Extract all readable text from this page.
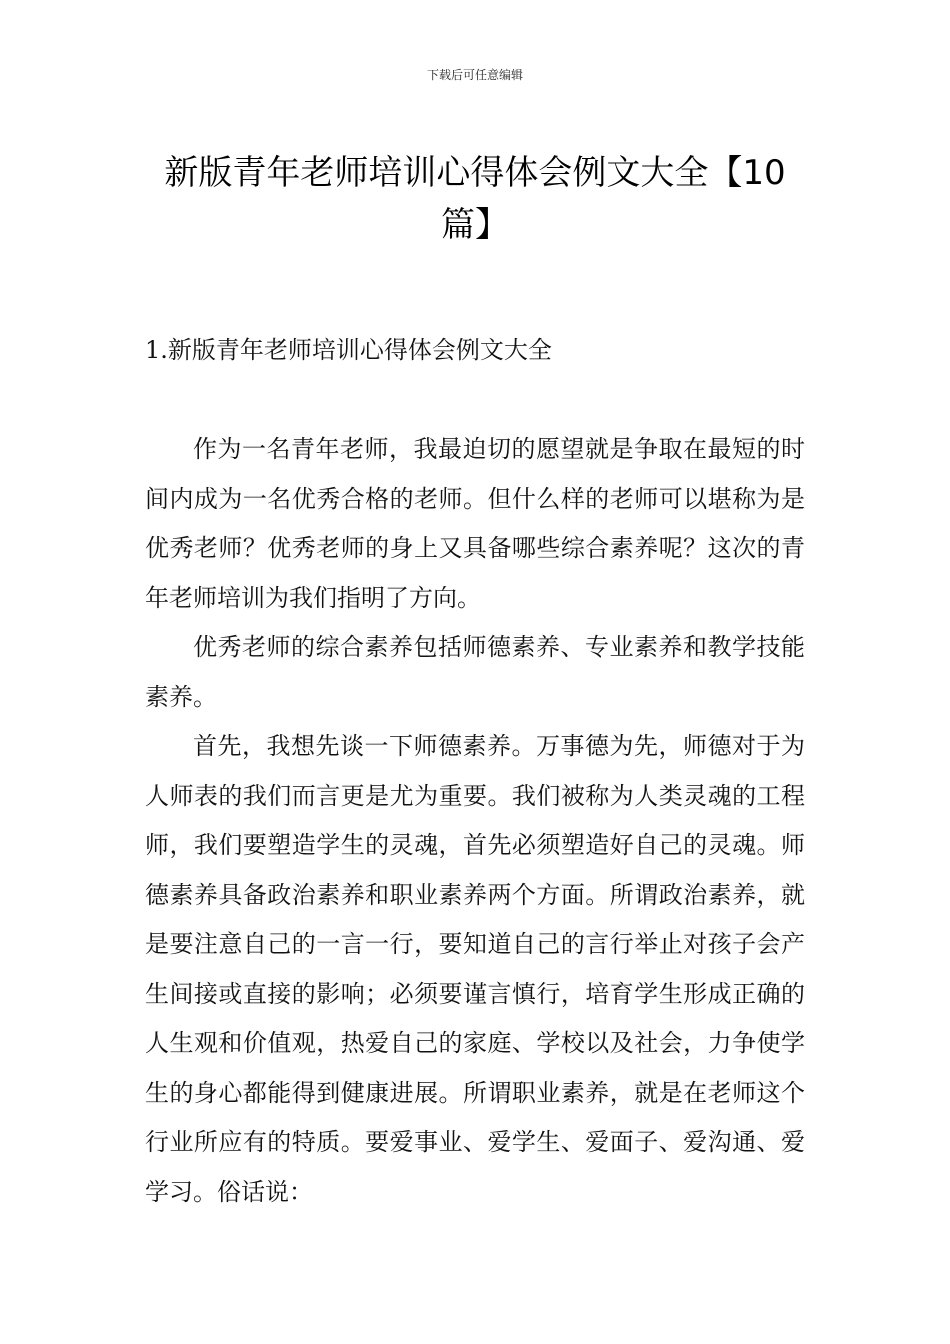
下载后可任意编辑
新版青年老师培训心得体会例文大全【10篇】
1.新版青年老师培训心得体会例文大全

作为一名青年老师，我最迫切的愿望就是争取在最短的时间内成为一名优秀合格的老师。但什么样的老师可以堪称为是优秀老师？优秀老师的身上又具备哪些综合素养呢？这次的青年老师培训为我们指明了方向。

优秀老师的综合素养包括师德素养、专业素养和教学技能素养。

首先，我想先谈一下师德素养。万事德为先，师德对于为人师表的我们而言更是尤为重要。我们被称为人类灵魂的工程师，我们要塑造学生的灵魂，首先必须塑造好自己的灵魂。师德素养具备政治素养和职业素养两个方面。所谓政治素养，就是要注意自己的一言一行，要知道自己的言行举止对孩子会产生间接或直接的影响；必须要谨言慎行，培育学生形成正确的人生观和价值观，热爱自己的家庭、学校以及社会，力争使学生的身心都能得到健康进展。所谓职业素养，就是在老师这个行业所应有的特质。要爱事业、爱学生、爱面子、爱沟通、爱学习。俗话说：
